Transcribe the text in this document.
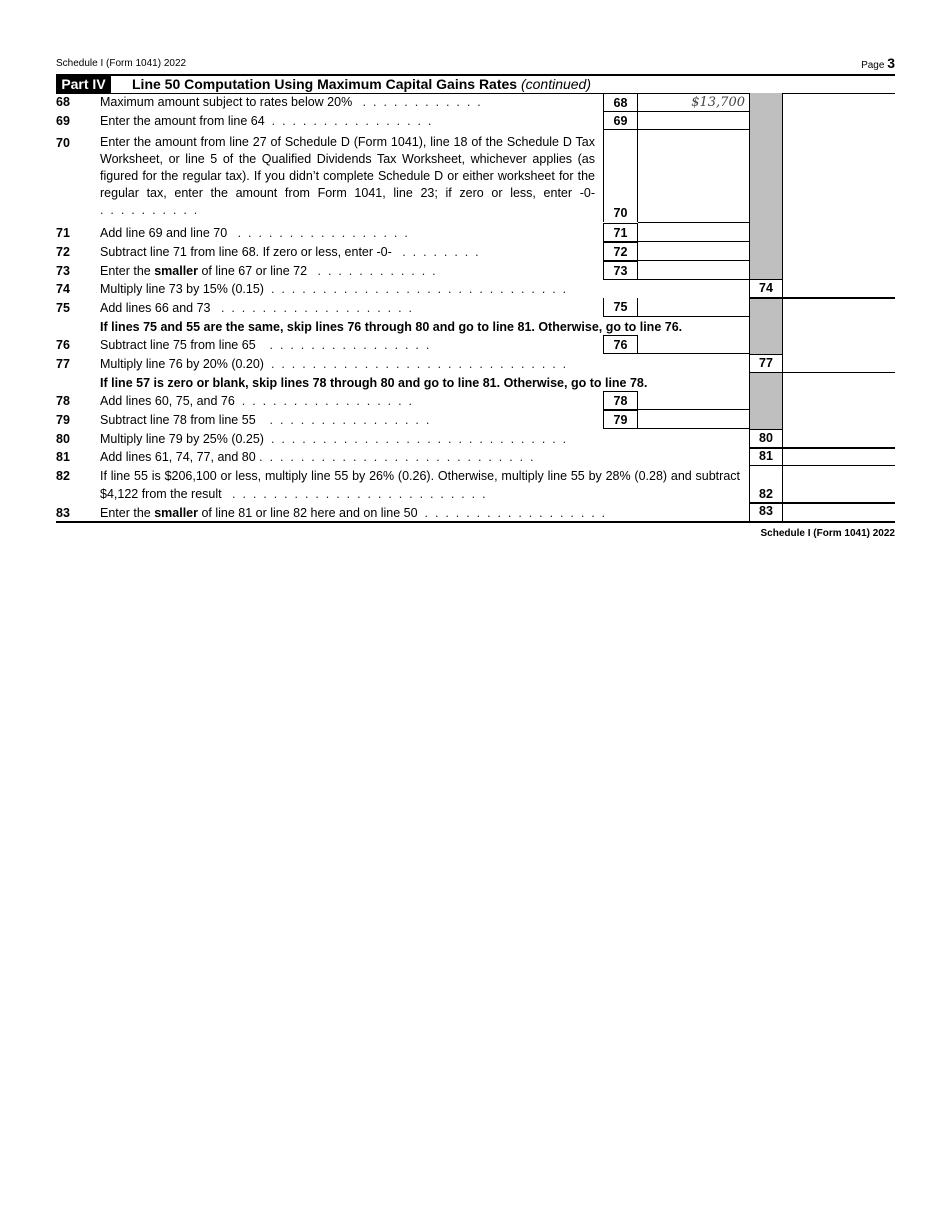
Schedule I (Form 1041) 2022	Page 3
Part IV	Line 50 Computation Using Maximum Capital Gains Rates (continued)
68	Maximum amount subject to rates below 20%   .  .  .  .  .  .  .  .  .  .  .  .	68	$13,700
69	Enter the amount from line 64  .  .  .  .  .  .  .  .  .  .  .  .  .  .  .  .	69
70	Enter the amount from line 27 of Schedule D (Form 1041), line 18 of the Schedule D Tax Worksheet, or line 5 of the Qualified Dividends Tax Worksheet, whichever applies (as figured for the regular tax). If you didn’t complete Schedule D or either worksheet for the regular tax, enter the amount from Form 1041, line 23; if zero or less, enter -0- .  .  .  .  .  .  .  .  .  .	70
71	Add line 69 and line 70   .  .  .  .  .  .  .  .  .  .  .  .  .  .  .  .  .	71
72	Subtract line 71 from line 68. If zero or less, enter -0-   .  .  .  .  .  .  .  .	72
73	Enter the smaller of line 67 or line 72   .  .  .  .  .  .  .  .  .  .  .  .	73
74	Multiply line 73 by 15% (0.15)  .  .  .  .  .  .  .  .  .  .  .  .  .  .  .  .  .  .  .  .  .  .  .  .  .  .  .  .  .	74
75	Add lines 66 and 73   .  .  .  .  .  .  .  .  .  .  .  .  .  .  .  .  .  .  .	75
If lines 75 and 55 are the same, skip lines 76 through 80 and go to line 81. Otherwise, go to line 76.
76	Subtract line 75 from line 65    .  .  .  .  .  .  .  .  .  .  .  .  .  .  .  .	76
77	Multiply line 76 by 20% (0.20)  .  .  .  .  .  .  .  .  .  .  .  .  .  .  .  .  .  .  .  .  .  .  .  .  .  .  .  .  .	77
If line 57 is zero or blank, skip lines 78 through 80 and go to line 81. Otherwise, go to line 78.
78	Add lines 60, 75, and 76  .  .  .  .  .  .  .  .  .  .  .  .  .  .  .  .  .	78
79	Subtract line 78 from line 55    .  .  .  .  .  .  .  .  .  .  .  .  .  .  .  .	79
80	Multiply line 79 by 25% (0.25)  .  .  .  .  .  .  .  .  .  .  .  .  .  .  .  .  .  .  .  .  .  .  .  .  .  .  .  .  .	80
81	Add lines 61, 74, 77, and 80 .  .  .  .  .  .  .  .  .  .  .  .  .  .  .  .  .  .  .  .  .  .  .  .  .  .  .	81
82	If line 55 is $206,100 or less, multiply line 55 by 26% (0.26). Otherwise, multiply line 55 by 28% (0.28) and subtract $4,122 from the result   .  .  .  .  .  .  .  .  .  .  .  .  .  .  .  .  .  .  .  .  .  .  .  .  .	82
83	Enter the smaller of line 81 or line 82 here and on line 50  .  .  .  .  .  .  .  .  .  .  .  .  .  .  .  .  .  .	83
Schedule I (Form 1041) 2022
